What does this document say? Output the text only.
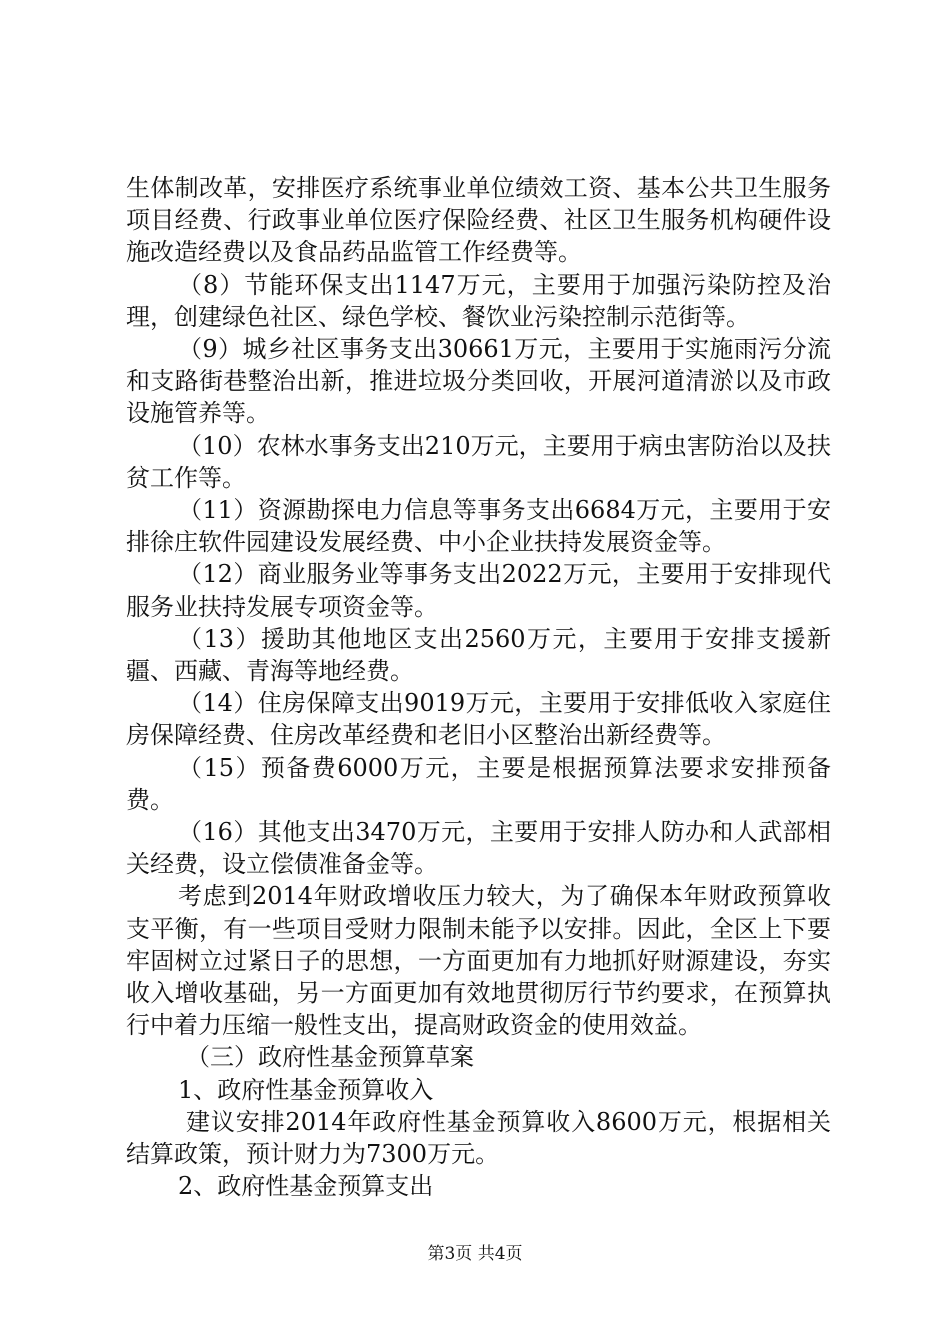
生体制改革，安排医疗系统事业单位绩效工资、基本公共卫生服务项目经费、行政事业单位医疗保险经费、社区卫生服务机构硬件设施改造经费以及食品药品监管工作经费等。

（8）节能环保支出1147万元，主要用于加强污染防控及治理，创建绿色社区、绿色学校、餐饮业污染控制示范街等。

（9）城乡社区事务支出30661万元，主要用于实施雨污分流和支路街巷整治出新，推进垃圾分类回收，开展河道清淤以及市政设施管养等。

（10）农林水事务支出210万元，主要用于病虫害防治以及扶贫工作等。

（11）资源勘探电力信息等事务支出6684万元，主要用于安排徐庄软件园建设发展经费、中小企业扶持发展资金等。

（12）商业服务业等事务支出2022万元，主要用于安排现代服务业扶持发展专项资金等。

（13）援助其他地区支出2560万元，主要用于安排支援新疆、西藏、青海等地经费。

（14）住房保障支出9019万元，主要用于安排低收入家庭住房保障经费、住房改革经费和老旧小区整治出新经费等。

（15）预备费6000万元，主要是根据预算法要求安排预备费。

（16）其他支出3470万元，主要用于安排人防办和人武部相关经费，设立偿债准备金等。

考虑到2014年财政增收压力较大，为了确保本年财政预算收支平衡，有一些项目受财力限制未能予以安排。因此，全区上下要牢固树立过紧日子的思想，一方面更加有力地抓好财源建设，夯实收入增收基础，另一方面更加有效地贯彻厉行节约要求，在预算执行中着力压缩一般性支出，提高财政资金的使用效益。

（三）政府性基金预算草案

1、政府性基金预算收入

建议安排2014年政府性基金预算收入8600万元，根据相关结算政策，预计财力为7300万元。

2、政府性基金预算支出

第3页 共4页
